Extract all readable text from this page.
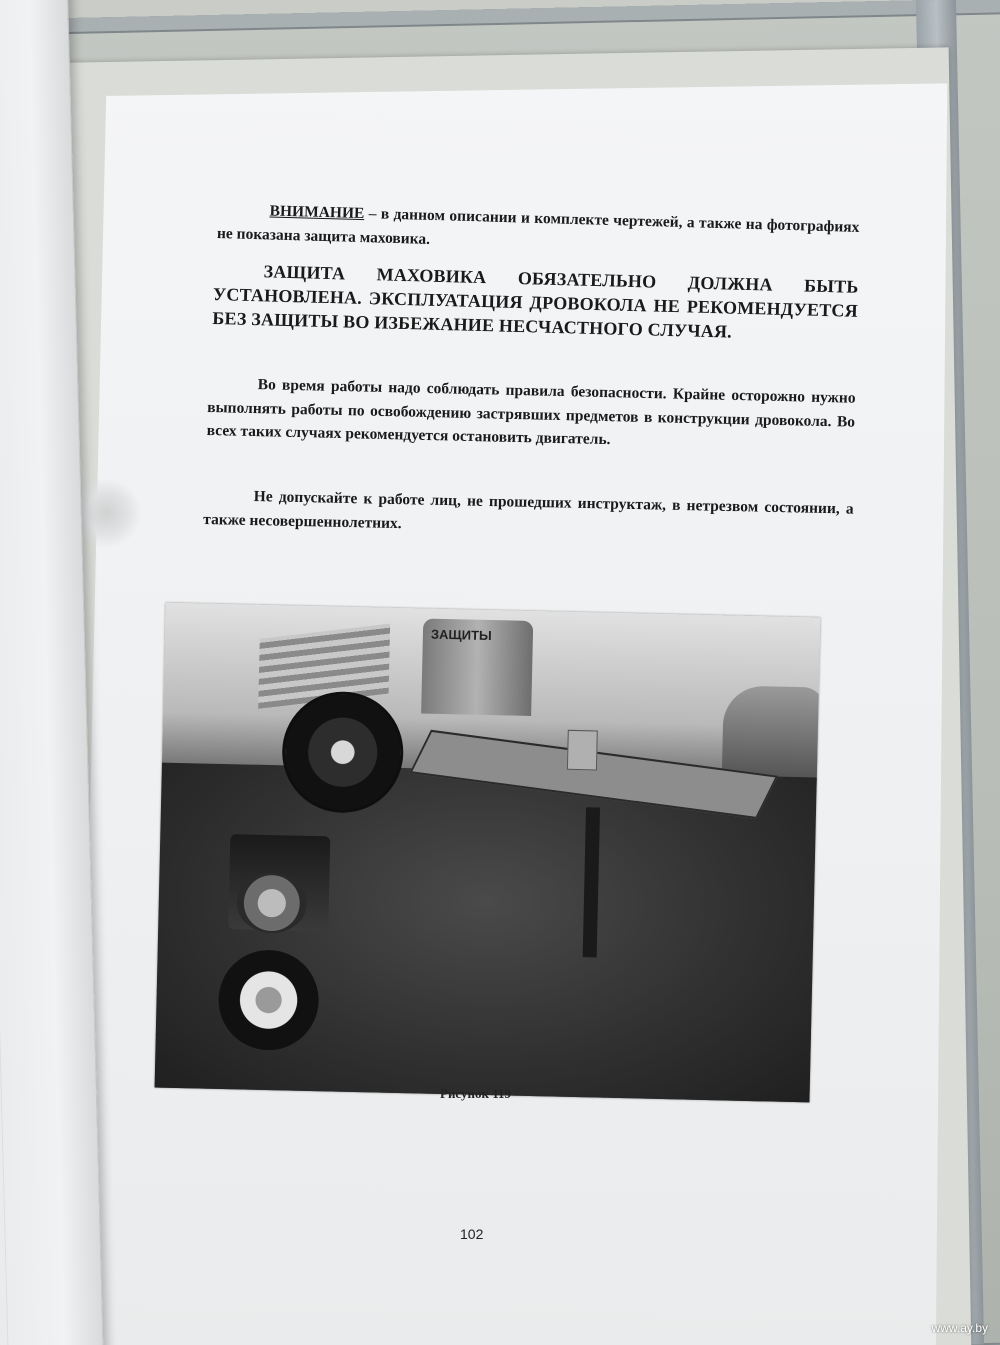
ВНИМАНИЕ – в данном описании и комплекте чертежей, а также на фотографиях не показана защита маховика.
ЗАЩИТА МАХОВИКА ОБЯЗАТЕЛЬНО ДОЛЖНА БЫТЬ УСТАНОВЛЕНА. ЭКСПЛУАТАЦИЯ ДРОВОКОЛА НЕ РЕКОМЕНДУЕТСЯ БЕЗ ЗАЩИТЫ ВО ИЗБЕЖАНИЕ НЕСЧАСТНОГО СЛУЧАЯ.
Во время работы надо соблюдать правила безопасности. Крайне осторожно нужно выполнять работы по освобождению застрявших предметов в конструкции дровокола. Во всех таких случаях рекомендуется остановить двигатель.
Не допускайте к работе лиц, не прошедших инструктаж, в нетрезвом состоянии, а также несовершеннолетних.
ЗАЩИТЫ
Рисунок 119
102
www.ay.by
